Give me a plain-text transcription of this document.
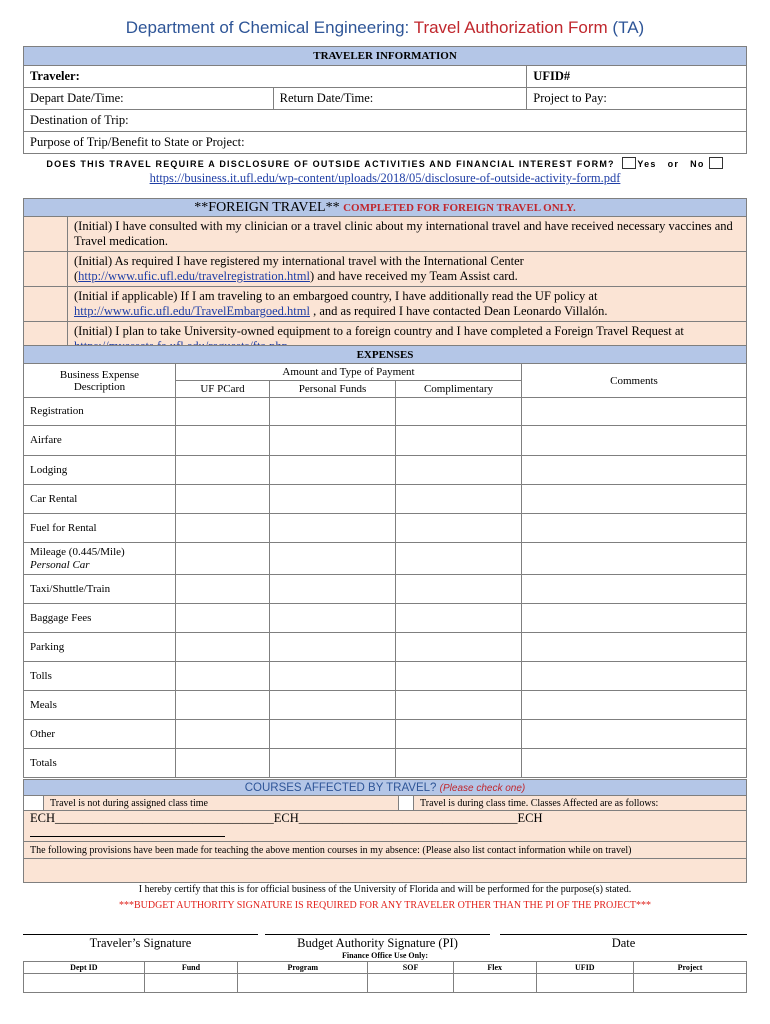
Department of Chemical Engineering: Travel Authorization Form (TA)
TRAVELER INFORMATION		
Traveler:		UFID#
Depart Date/Time:	Return Date/Time:	Project to Pay:
Destination of Trip:		
Purpose of Trip/Benefit to State or Project:		
DOES THIS TRAVEL REQUIRE A DISCLOSURE OF OUTSIDE ACTIVITIES AND FINANCIAL INTEREST FORM?	Yes or No
https://business.it.ufl.edu/wp-content/uploads/2018/05/disclosure-of-outside-activity-form.pdf
**FOREIGN TRAVEL** COMPLETED FOR FOREIGN TRAVEL ONLY.	
	(Initial) I have consulted with my clinician or a travel clinic about my international travel and have received necessary vaccines and Travel medication.
	(Initial) As required I have registered my international travel with the International Center
(http://www.ufic.ufl.edu/travelregistration.html) and have received my Team Assist card.
	(Initial if applicable) If I am traveling to an embargoed country, I have additionally read the UF policy at
http://www.ufic.ufl.edu/TravelEmbargoed.html , and as required I have contacted Dean Leonardo Villalón.
	(Initial) I plan to take University-owned equipment to a foreign country and I have completed a Foreign Travel Request at

EXPENSES				
Business Expense
Description	Amount and Type of Payment			Comments
	UF PCard	Personal Funds	Complimentary	
Registration				
Airfare				
Lodging				
Car Rental				
Fuel for Rental				
Mileage (0.445/Mile)
Personal Car				
Taxi/Shuttle/Train				
Baggage Fees				
Parking				
Tolls				
Meals				
Other				
Totals				
COURSES AFFECTED BY TRAVEL? (Please check one)
	Travel is not during assigned class time		Travel is during class time. Classes Affected are as follows:
ECH___________________________________ECH___________________________________ECH
The following provisions have been made for teaching the above mention courses in my absence: (Please also list contact information while on travel)

I hereby certify that this is for official business of the University of Florida and will be performed for the purpose(s) stated.
***BUDGET AUTHORITY SIGNATURE IS REQUIRED FOR ANY TRAVELER OTHER THAN THE PI OF THE PROJECT***
Traveler’s Signature	Budget Authority Signature (PI)	Date
Finance Office Use Only:						
Dept ID	Fund	Program	SOF	Flex	UFID	Project
